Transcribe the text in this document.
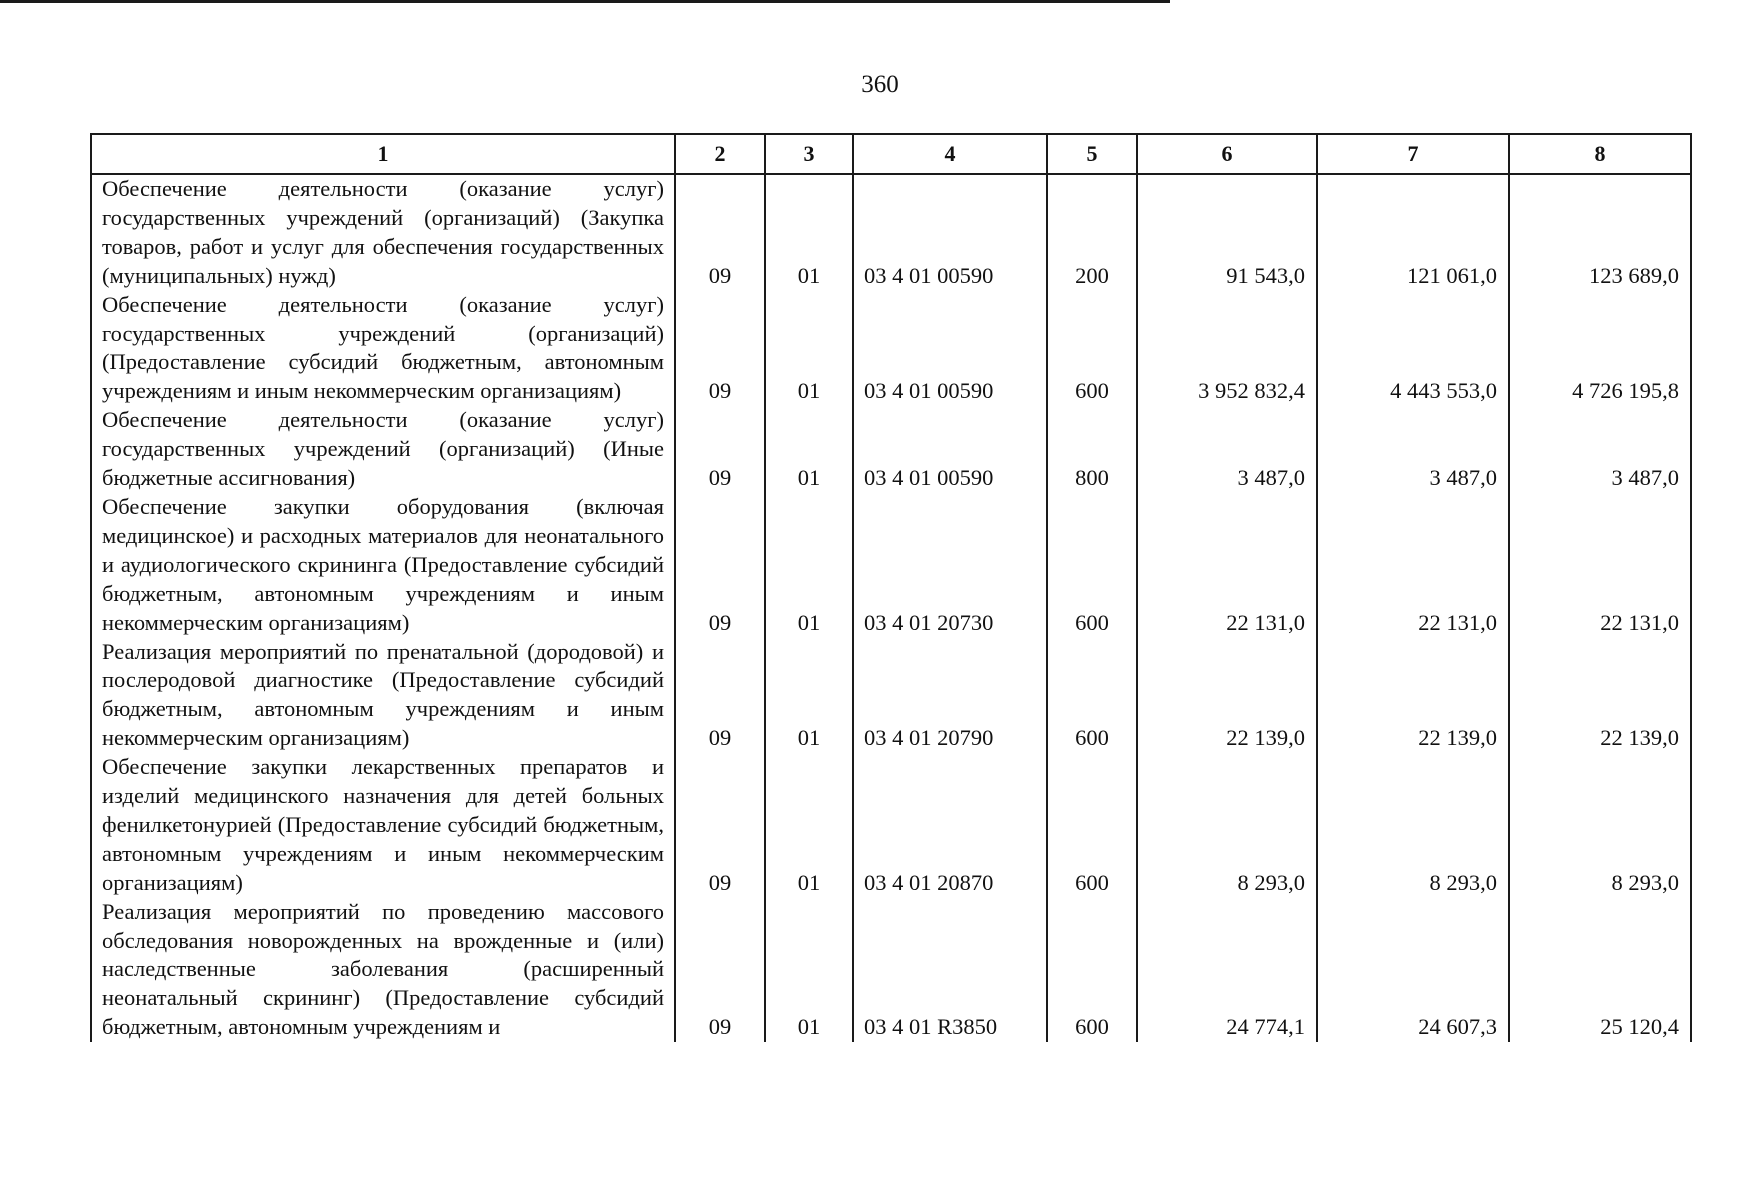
360
1	2	3	4	5	6	7	8
Обеспечение деятельности (оказание услуг) государственных учреждений (организаций) (Закупка товаров, работ и услуг для обеспечения государственных (муниципальных) нужд)	09	01	03 4 01 00590	200	91 543,0	121 061,0	123 689,0
Обеспечение деятельности (оказание услуг) государственных учреждений (организаций) (Предоставление субсидий бюджетным, автономным учреждениям и иным некоммерческим организациям)	09	01	03 4 01 00590	600	3 952 832,4	4 443 553,0	4 726 195,8
Обеспечение деятельности (оказание услуг) государственных учреждений (организаций) (Иные бюджетные ассигнования)	09	01	03 4 01 00590	800	3 487,0	3 487,0	3 487,0
Обеспечение закупки оборудования (включая медицинское) и расходных материалов для неонатального и аудиологического скрининга (Предоставление субсидий бюджетным, автономным учреждениям и иным некоммерческим организациям)	09	01	03 4 01 20730	600	22 131,0	22 131,0	22 131,0
Реализация мероприятий по пренатальной (дородовой) и послеродовой диагностике (Предоставление субсидий бюджетным, автономным учреждениям и иным некоммерческим организациям)	09	01	03 4 01 20790	600	22 139,0	22 139,0	22 139,0
Обеспечение закупки лекарственных препаратов и изделий медицинского назначения для детей больных фенилкетонурией (Предоставление субсидий бюджетным, автономным учреждениям и иным некоммерческим организациям)	09	01	03 4 01 20870	600	8 293,0	8 293,0	8 293,0
Реализация мероприятий по проведению массового обследования новорожденных на врожденные и (или) наследственные заболевания (расширенный неонатальный скрининг) (Предоставление субсидий бюджетным, автономным учреждениям и	09	01	03 4 01 R3850	600	24 774,1	24 607,3	25 120,4
